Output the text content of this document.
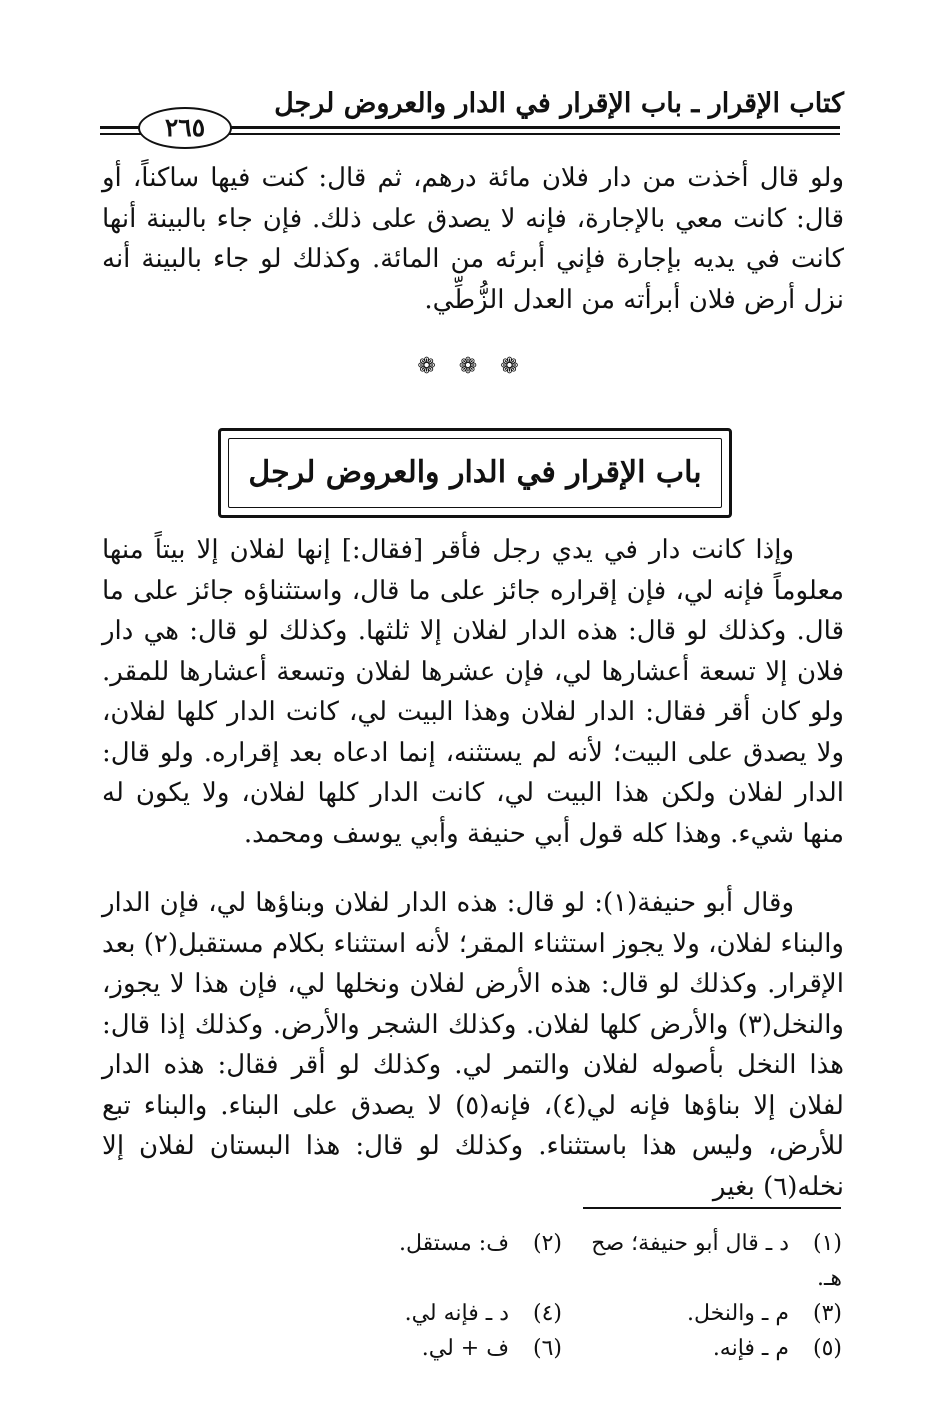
كتاب الإقرار ـ باب الإقرار في الدار والعروض لرجل
٢٦٥

ولو قال أخذت من دار فلان مائة درهم، ثم قال: كنت فيها ساكناً، أو قال: كانت معي بالإجارة، فإنه لا يصدق على ذلك. فإن جاء بالبينة أنها كانت في يديه بإجارة فإني أبرئه من المائة. وكذلك لو جاء بالبينة أنه نزل أرض فلان أبرأته من العدل الزُّطِّي.

❁ ❁ ❁
باب الإقرار في الدار والعروض لرجل

وإذا كانت دار في يدي رجل فأقر [فقال:] إنها لفلان إلا بيتاً منها معلوماً فإنه لي، فإن إقراره جائز على ما قال، واستثناؤه جائز على ما قال. وكذلك لو قال: هذه الدار لفلان إلا ثلثها. وكذلك لو قال: هي دار فلان إلا تسعة أعشارها لي، فإن عشرها لفلان وتسعة أعشارها للمقر. ولو كان أقر فقال: الدار لفلان وهذا البيت لي، كانت الدار كلها لفلان، ولا يصدق على البيت؛ لأنه لم يستثنه، إنما ادعاه بعد إقراره. ولو قال: الدار لفلان ولكن هذا البيت لي، كانت الدار كلها لفلان، ولا يكون له منها شيء. وهذا كله قول أبي حنيفة وأبي يوسف ومحمد.

وقال أبو حنيفة(١): لو قال: هذه الدار لفلان وبناؤها لي، فإن الدار والبناء لفلان، ولا يجوز استثناء المقر؛ لأنه استثناء بكلام مستقبل(٢) بعد الإقرار. وكذلك لو قال: هذه الأرض لفلان ونخلها لي، فإن هذا لا يجوز، والنخل(٣) والأرض كلها لفلان. وكذلك الشجر والأرض. وكذلك إذا قال: هذا النخل بأصوله لفلان والتمر لي. وكذلك لو أقر فقال: هذه الدار لفلان إلا بناؤها فإنه لي(٤)، فإنه(٥) لا يصدق على البناء. والبناء تبع للأرض، وليس هذا باستثناء. وكذلك لو قال: هذا البستان لفلان إلا نخله(٦) بغير

(١) د ـ قال أبو حنيفة؛ صح هـ.
(٢) ف: مستقل.
(٣) م ـ والنخل.
(٤) د ـ فإنه لي.
(٥) م ـ فإنه.
(٦) ف + لي.
